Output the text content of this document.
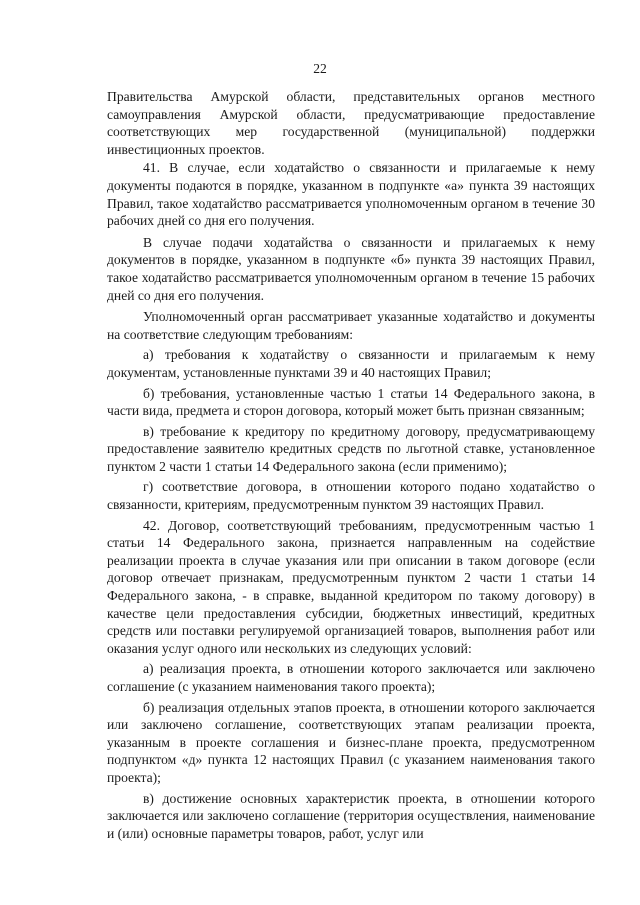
22

Правительства Амурской области, представительных органов местного самоуправления Амурской области, предусматривающие предоставление соответствующих мер государственной (муниципальной) поддержки инвестиционных проектов.

41. В случае, если ходатайство о связанности и прилагаемые к нему документы подаются в порядке, указанном в подпункте «а» пункта 39 настоящих Правил, такое ходатайство рассматривается уполномоченным органом в течение 30 рабочих дней со дня его получения.

В случае подачи ходатайства о связанности и прилагаемых к нему документов в порядке, указанном в подпункте «б» пункта 39 настоящих Правил, такое ходатайство рассматривается уполномоченным органом в течение 15 рабочих дней со дня его получения.

Уполномоченный орган рассматривает указанные ходатайство и документы на соответствие следующим требованиям:

а) требования к ходатайству о связанности и прилагаемым к нему документам, установленные пунктами 39 и 40 настоящих Правил;

б) требования, установленные частью 1 статьи 14 Федерального закона, в части вида, предмета и сторон договора, который может быть признан связанным;

в) требование к кредитору по кредитному договору, предусматривающему предоставление заявителю кредитных средств по льготной ставке, установленное пунктом 2 части 1 статьи 14 Федерального закона (если применимо);

г) соответствие договора, в отношении которого подано ходатайство о связанности, критериям, предусмотренным пунктом 39 настоящих Правил.

42. Договор, соответствующий требованиям, предусмотренным частью 1 статьи 14 Федерального закона, признается направленным на содействие реализации проекта в случае указания или при описании в таком договоре (если договор отвечает признакам, предусмотренным пунктом 2 части 1 статьи 14 Федерального закона, - в справке, выданной кредитором по такому договору) в качестве цели предоставления субсидии, бюджетных инвестиций, кредитных средств или поставки регулируемой организацией товаров, выполнения работ или оказания услуг одного или нескольких из следующих условий:

а) реализация проекта, в отношении которого заключается или заключено соглашение (с указанием наименования такого проекта);

б) реализация отдельных этапов проекта, в отношении которого заключается или заключено соглашение, соответствующих этапам реализации проекта, указанным в проекте соглашения и бизнес-плане проекта, предусмотренном подпунктом «д» пункта 12 настоящих Правил (с указанием наименования такого проекта);

в) достижение основных характеристик проекта, в отношении которого заключается или заключено соглашение (территория осуществления, наименование и (или) основные параметры товаров, работ, услуг или
